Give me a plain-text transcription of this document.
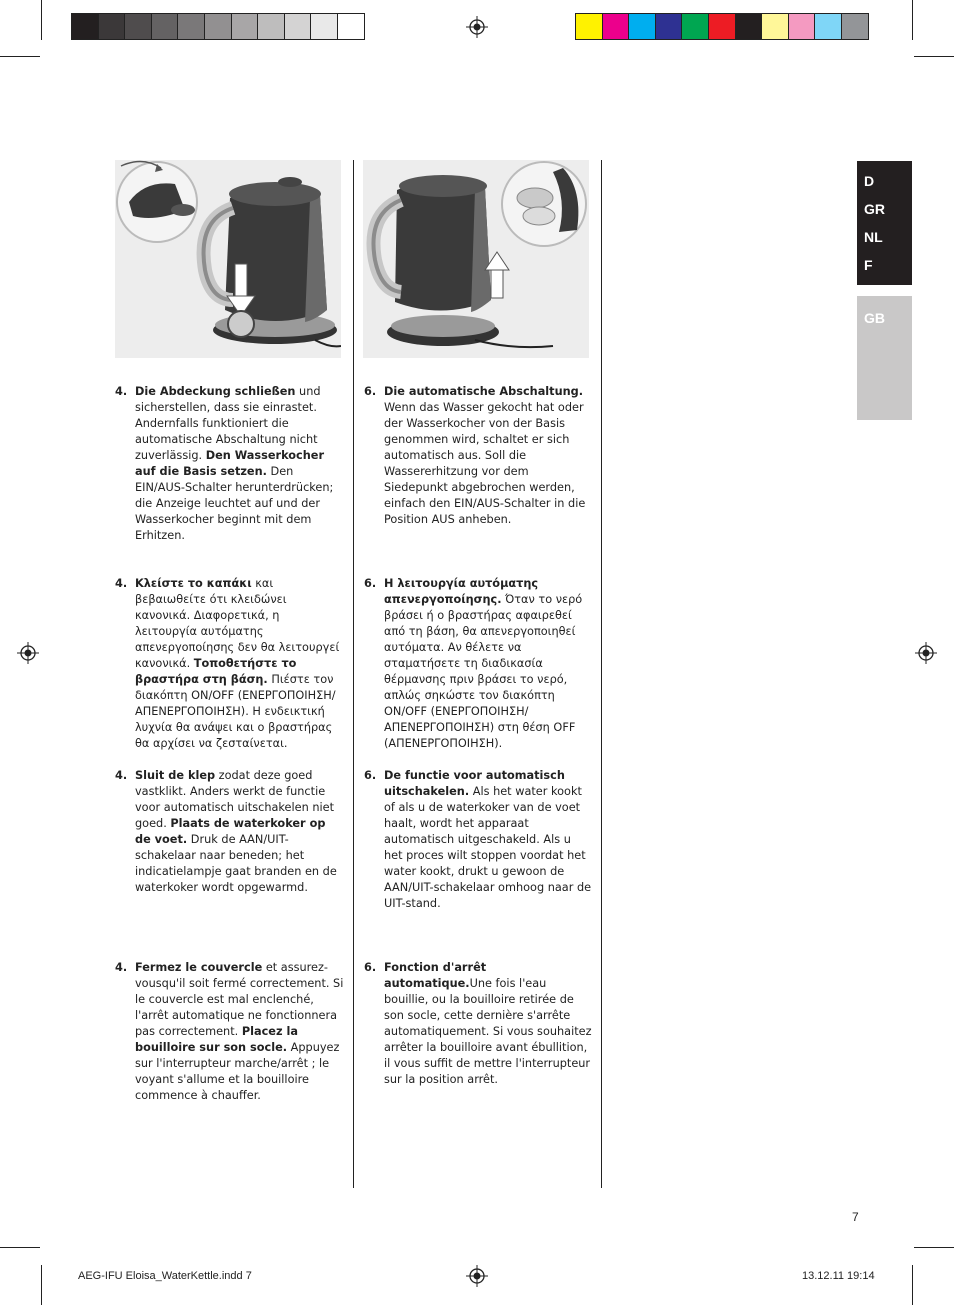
D
GR
NL
F
GB
4. Die Abdeckung schließen und sicherstellen, dass sie einrastet. Andernfalls funktioniert die automatische Abschaltung nicht zuverlässig. Den Wasserkocher auf die Basis setzen. Den EIN/AUS-Schalter herunterdrücken; die Anzeige leuchtet auf und der Wasserkocher beginnt mit dem Erhitzen.
4. Κλείστε το καπάκι και βεβαιωθείτε ότι κλειδώνει κανονικά. Διαφορετικά, η λειτουργία αυτόματης απενεργοποίησης δεν θα λειτουργεί κανονικά. Τοποθετήστε το βραστήρα στη βάση. Πιέστε τον διακόπτη ON/OFF (ΕΝΕΡΓΟΠΟΙΗΣΗ/ ΑΠΕΝΕΡΓΟΠΟΙΗΣΗ). Η ενδεικτική λυχνία θα ανάψει και ο βραστήρας θα αρχίσει να ζεσταίνεται.
4. Sluit de klep zodat deze goed vastklikt. Anders werkt de functie voor automatisch uitschakelen niet goed. Plaats de waterkoker op de voet. Druk de AAN/UIT-schakelaar naar beneden; het indicatielampje gaat branden en de waterkoker wordt opgewarmd.
4. Fermez le couvercle et assurez-vousqu'il soit fermé correctement. Si le couvercle est mal enclenché, l'arrêt automatique ne fonctionnera pas correctement. Placez la bouilloire sur son socle. Appuyez sur l'interrupteur marche/arrêt ; le voyant s'allume et la bouilloire commence à chauffer.
6. Die automatische Abschaltung. Wenn das Wasser gekocht hat oder der Wasserkocher von der Basis genommen wird, schaltet er sich automatisch aus. Soll die Wassererhitzung vor dem Siedepunkt abgebrochen werden, einfach den EIN/AUS-Schalter in die Position AUS anheben.
6. Η λειτουργία αυτόματης απενεργοποίησης. Όταν το νερό βράσει ή ο βραστήρας αφαιρεθεί από τη βάση, θα απενεργοποιηθεί αυτόματα. Αν θέλετε να σταματήσετε τη διαδικασία θέρμανσης πριν βράσει το νερό, απλώς σηκώστε τον διακόπτη ON/OFF (ΕΝΕΡΓΟΠΟΙΗΣΗ/ ΑΠΕΝΕΡΓΟΠΟΙΗΣΗ) στη θέση OFF (ΑΠΕΝΕΡΓΟΠΟΙΗΣΗ).
6. De functie voor automatisch uitschakelen. Als het water kookt of als u de waterkoker van de voet haalt, wordt het apparaat automatisch uitgeschakeld. Als u het proces wilt stoppen voordat het water kookt, drukt u gewoon de AAN/UIT-schakelaar omhoog naar de UIT-stand.
6. Fonction d'arrêt automatique.Une fois l'eau bouillie, ou la bouilloire retirée de son socle, cette dernière s'arrête automatiquement. Si vous souhaitez arrêter la bouilloire avant ébullition, il vous suffit de mettre l'interrupteur sur la position arrêt.
7
AEG-IFU Eloisa_WaterKettle.indd 7	13.12.11 19:14
